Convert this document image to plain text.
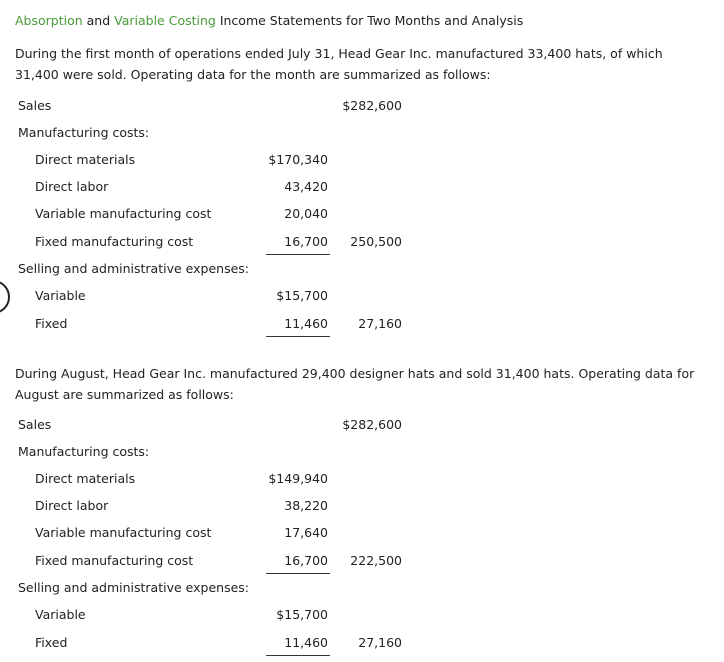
Absorption and Variable Costing Income Statements for Two Months and Analysis
During the first month of operations ended July 31, Head Gear Inc. manufactured 33,400 hats, of which 31,400 were sold. Operating data for the month are summarized as follows:
Sales	$282,600
Manufacturing costs:
Direct materials	$170,340
Direct labor	43,420
Variable manufacturing cost	20,040
Fixed manufacturing cost	16,700 250,500
Selling and administrative expenses:
Variable	$15,700
Fixed	11,460 27,160
During August, Head Gear Inc. manufactured 29,400 designer hats and sold 31,400 hats. Operating data for August are summarized as follows:
Sales	$282,600
Manufacturing costs:
Direct materials	$149,940
Direct labor	38,220
Variable manufacturing cost	17,640
Fixed manufacturing cost	16,700 222,500
Selling and administrative expenses:
Variable	$15,700
Fixed	11,460 27,160
